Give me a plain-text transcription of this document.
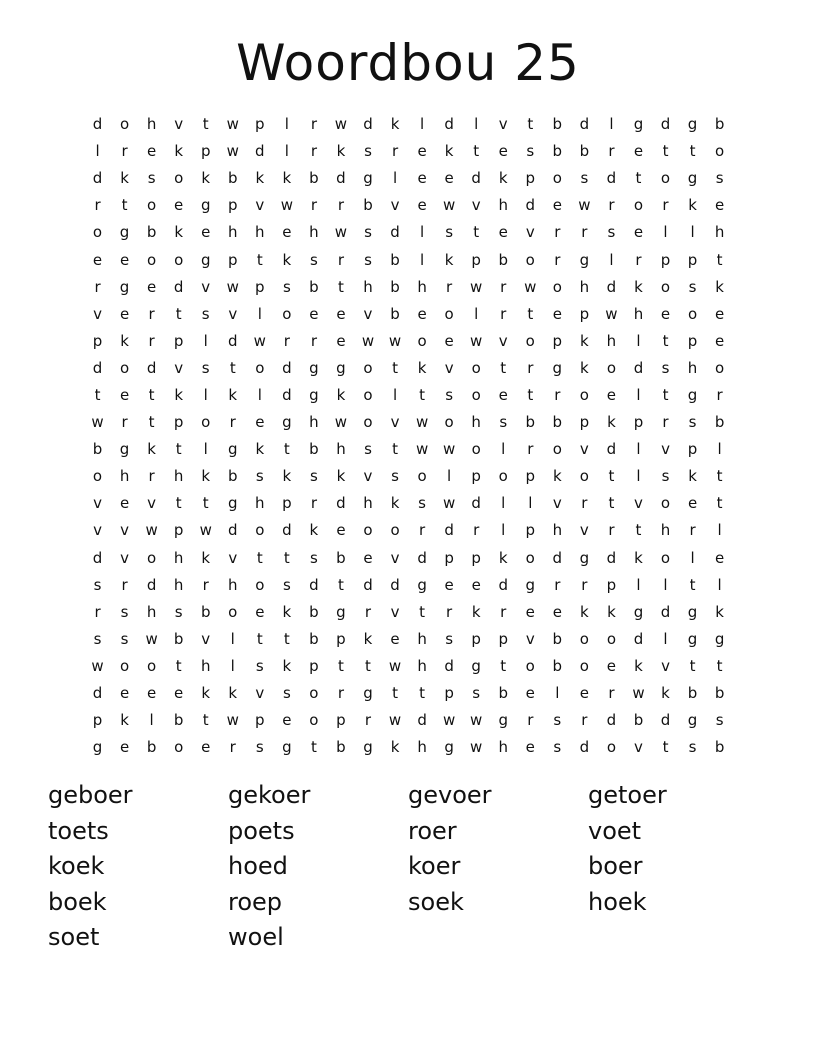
Woordbou 25
d	o	h	v	t	w	p	l	r	w	d	k	l	d	l	v	t	b	d	l	g	d	g	b
l	r	e	k	p	w	d	l	r	k	s	r	e	k	t	e	s	b	b	r	e	t	t	o
d	k	s	o	k	b	k	k	b	d	g	l	e	e	d	k	p	o	s	d	t	o	g	s
r	t	o	e	g	p	v	w	r	r	b	v	e	w	v	h	d	e	w	r	o	r	k	e
o	g	b	k	e	h	h	e	h	w	s	d	l	s	t	e	v	r	r	s	e	l	l	h
e	e	o	o	g	p	t	k	s	r	s	b	l	k	p	b	o	r	g	l	r	p	p	t
r	g	e	d	v	w	p	s	b	t	h	b	h	r	w	r	w	o	h	d	k	o	s	k
v	e	r	t	s	v	l	o	e	e	v	b	e	o	l	r	t	e	p	w	h	e	o	e
p	k	r	p	l	d	w	r	r	e	w w	o	e	w	v	o	p	k	h	l	t	p	e
d	o	d	v	s	t	o	d	g	g	o	t	k	v	o	t	r	g	k	o	d	s	h	o
t	e	t	k	l	k	l	d	g	k	o	l	t	s	o	e	t	r	o	e	l	t	g	r
w	r	t	p	o	r	e	g	h	w	o	v	w	o	h	s	b	b	p	k	p	r	s	b
b	g	k	t	l	g	k	t	b	h	s	t	w w	o	l	r	o	v	d	l	v	p	l
o	h	r	h	k	b	s	k	s	k	v	s	o	l	p	o	p	k	o	t	l	s	k	t
v	e	v	t	t	g	h	p	r	d	h	k	s	w	d	l	l	v	r	t	v	o	e	t
v	v	w	p	w	d	o	d	k	e	o	o	r	d	r	l	p	h	v	r	t	h	r	l
d	v	o	h	k	v	t	t	s	b	e	v	d	p	p	k	o	d	g	d	k	o	l	e
s	r	d	h	r	h	o	s	d	t	d	d	g	e	e	d	g	r	r	p	l	l	t	l
r	s	h	s	b	o	e	k	b	g	r	v	t	r	k	r	e	e	k	k	g	d	g	k
s	s	w	b	v	l	t	t	b	p	k	e	h	s	p	p	v	b	o	o	d	l	g	g
w	o	o	t	h	l	s	k	p	t	t	w	h	d	g	t	o	b	o	e	k	v	t	t
d	e	e	e	k	k	v	s	o	r	g	t	t	p	s	b	e	l	e	r	w	k	b	b
p	k	l	b	t	w	p	e	o	p	r	w	d	w w	g	r	s	r	d	b	d	g	s
g	e	b	o	e	r	s	g	t	b	g	k	h	g	w	h	e	s	d	o	v	t	s	b
geboer	gekoer	gevoer	getoer
toets	poets	roer	voet
koek	hoed	koer	boer
boek	roep	soek	hoek
soet	woel
